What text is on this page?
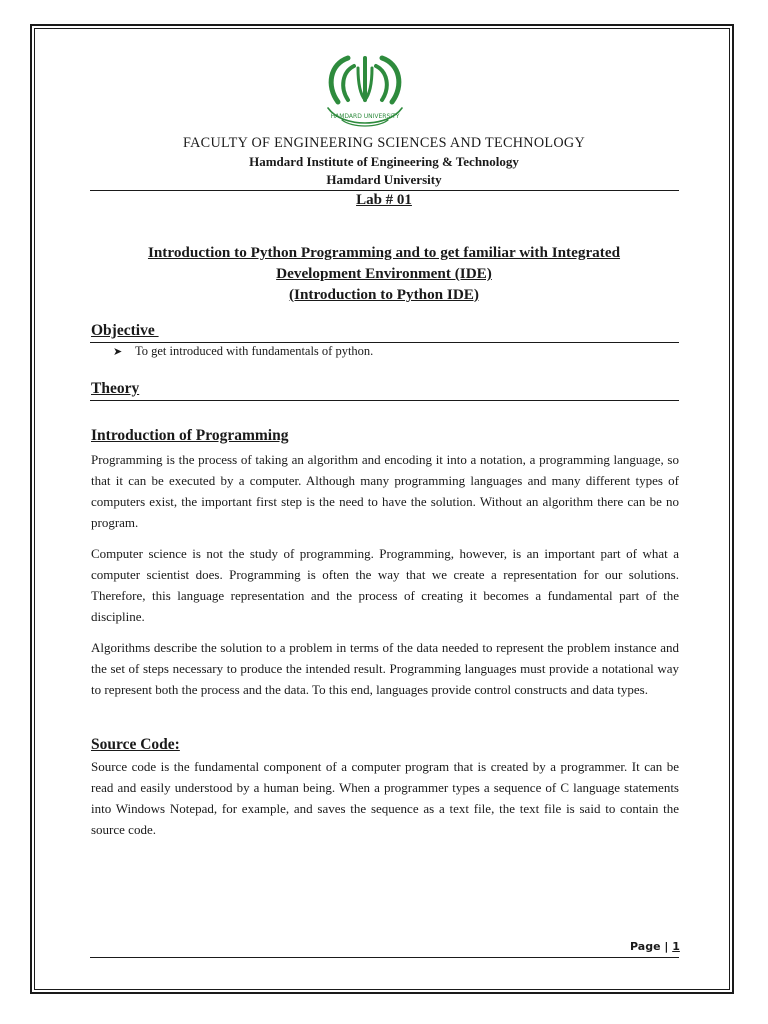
HAMDARD UNIVERSITY
FACULTY OF ENGINEERING SCIENCES AND TECHNOLOGY
Hamdard Institute of Engineering & Technology
Hamdard University
Lab # 01
Introduction to Python Programming and to get familiar with Integrated
Development Environment (IDE)
(Introduction to Python IDE)
Objective
➤ To get introduced with fundamentals of python.
Theory
Introduction of Programming

Programming is the process of taking an algorithm and encoding it into a notation, a programming language, so that it can be executed by a computer. Although many programming languages and many different types of computers exist, the important first step is the need to have the solution. Without an algorithm there can be no program.

Computer science is not the study of programming. Programming, however, is an important part of what a computer scientist does. Programming is often the way that we create a representation for our solutions. Therefore, this language representation and the process of creating it becomes a fundamental part of the discipline.

Algorithms describe the solution to a problem in terms of the data needed to represent the problem instance and the set of steps necessary to produce the intended result. Programming languages must provide a notational way to represent both the process and the data. To this end, languages provide control constructs and data types.

Source Code:

Source code is the fundamental component of a computer program that is created by a programmer. It can be read and easily understood by a human being. When a programmer types a sequence of C language statements into Windows Notepad, for example, and saves the sequence as a text file, the text file is said to contain the source code.

Page | 1
